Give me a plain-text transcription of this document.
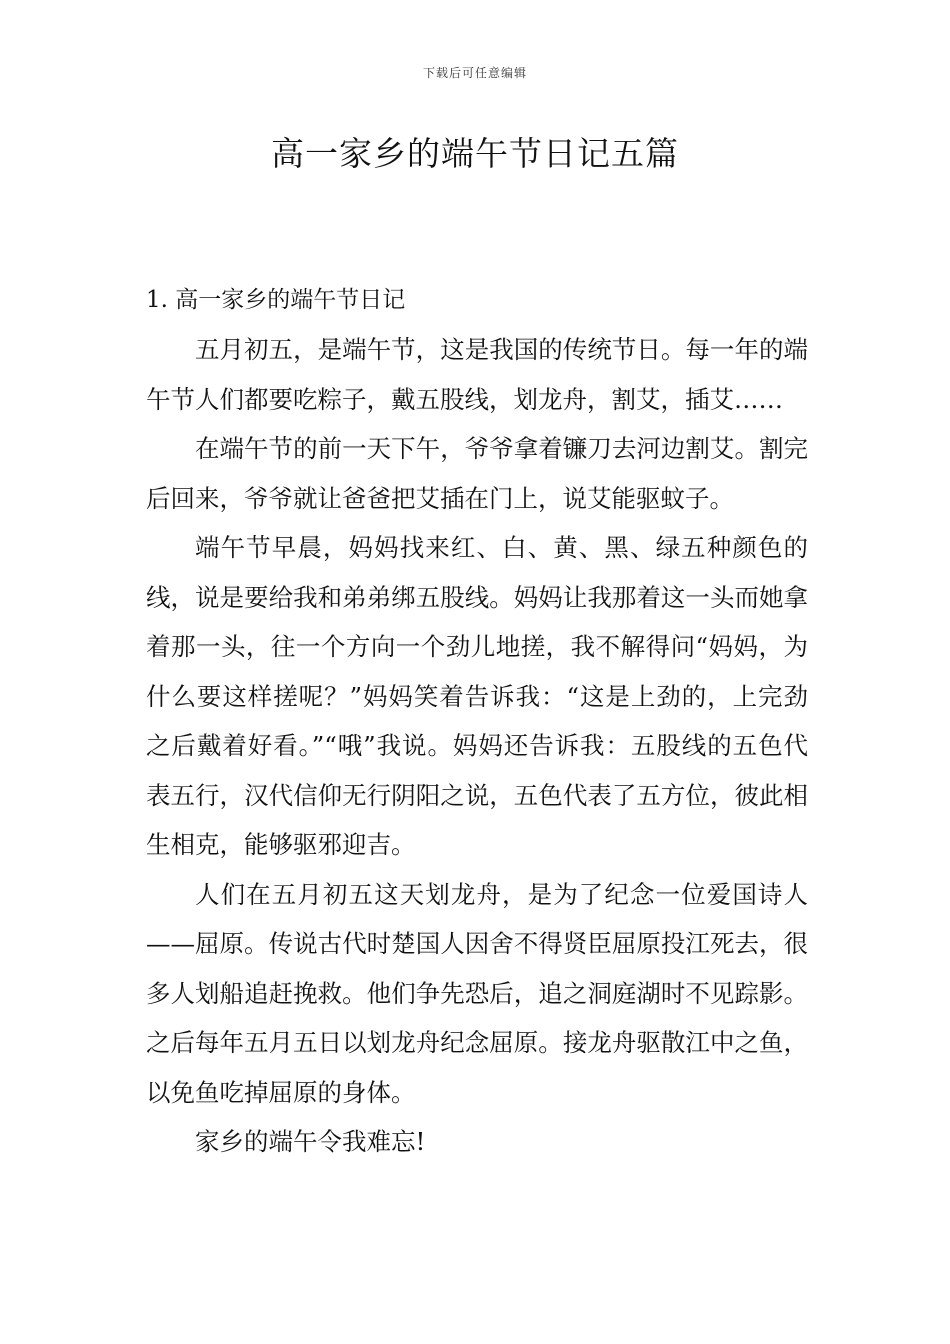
下载后可任意编辑
高一家乡的端午节日记五篇
1. 高一家乡的端午节日记

五月初五，是端午节，这是我国的传统节日。每一年的端午节人们都要吃粽子，戴五股线，划龙舟，割艾，插艾……

在端午节的前一天下午，爷爷拿着镰刀去河边割艾。割完后回来，爷爷就让爸爸把艾插在门上，说艾能驱蚊子。

端午节早晨，妈妈找来红、白、黄、黑、绿五种颜色的线，说是要给我和弟弟绑五股线。妈妈让我那着这一头而她拿着那一头，往一个方向一个劲儿地搓，我不解得问“妈妈，为什么要这样搓呢？”妈妈笑着告诉我：“这是上劲的，上完劲之后戴着好看。”“哦”我说。妈妈还告诉我：五股线的五色代表五行，汉代信仰无行阴阳之说，五色代表了五方位，彼此相生相克，能够驱邪迎吉。

人们在五月初五这天划龙舟，是为了纪念一位爱国诗人——屈原。传说古代时楚国人因舍不得贤臣屈原投江死去，很多人划船追赶挽救。他们争先恐后，追之洞庭湖时不见踪影。之后每年五月五日以划龙舟纪念屈原。接龙舟驱散江中之鱼，以免鱼吃掉屈原的身体。

家乡的端午令我难忘!
